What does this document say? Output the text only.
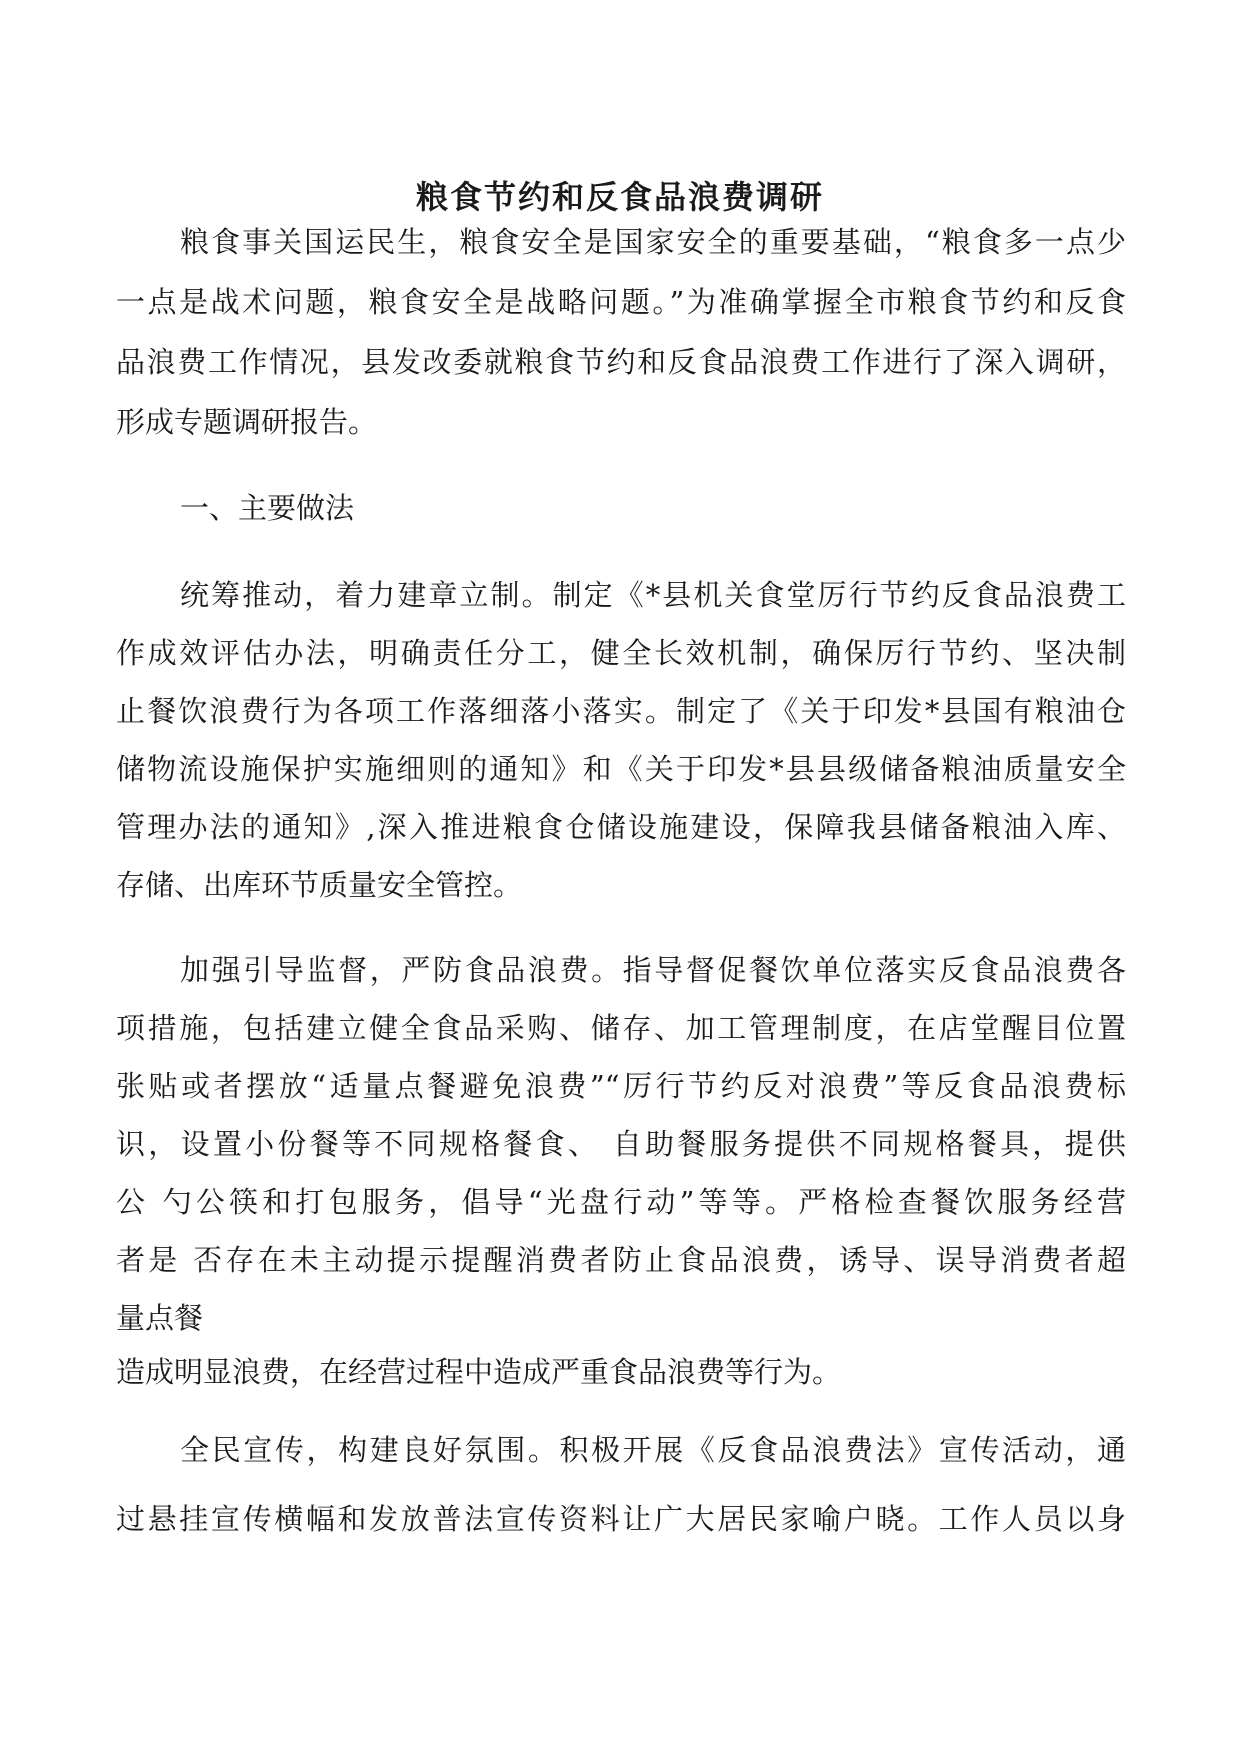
粮食节约和反食品浪费调研
粮食事关国运民生，粮食安全是国家安全的重要基础，“粮食多一点少
一点是战术问题，粮食安全是战略问题。”为准确掌握全市粮食节约和反食
品浪费工作情况，县发改委就粮食节约和反食品浪费工作进行了深入调研，
形成专题调研报告。
一、主要做法
统筹推动，着力建章立制。制定《*县机关食堂厉行节约反食品浪费工
作成效评估办法，明确责任分工，健全长效机制，确保厉行节约、坚决制
止餐饮浪费行为各项工作落细落小落实。制定了《关于印发*县国有粮油仓
储物流设施保护实施细则的通知》和《关于印发*县县级储备粮油质量安全
管理办法的通知》,深入推进粮食仓储设施建设，保障我县储备粮油入库、
存储、出库环节质量安全管控。
加强引导监督，严防食品浪费。指导督促餐饮单位落实反食品浪费各
项措施，包括建立健全食品采购、储存、加工管理制度，在店堂醒目位置
张贴或者摆放“适量点餐避免浪费”“厉行节约反对浪费”等反食品浪费标
识，设置小份餐等不同规格餐食、 自助餐服务提供不同规格餐具，提供
公 勺公筷和打包服务，倡导“光盘行动”等等。严格检查餐饮服务经营
者是 否存在未主动提示提醒消费者防止食品浪费，诱导、误导消费者超
量点餐
造成明显浪费，在经营过程中造成严重食品浪费等行为。
全民宣传，构建良好氛围。积极开展《反食品浪费法》宣传活动，通
过悬挂宣传横幅和发放普法宣传资料让广大居民家喻户晓。工作人员以身
